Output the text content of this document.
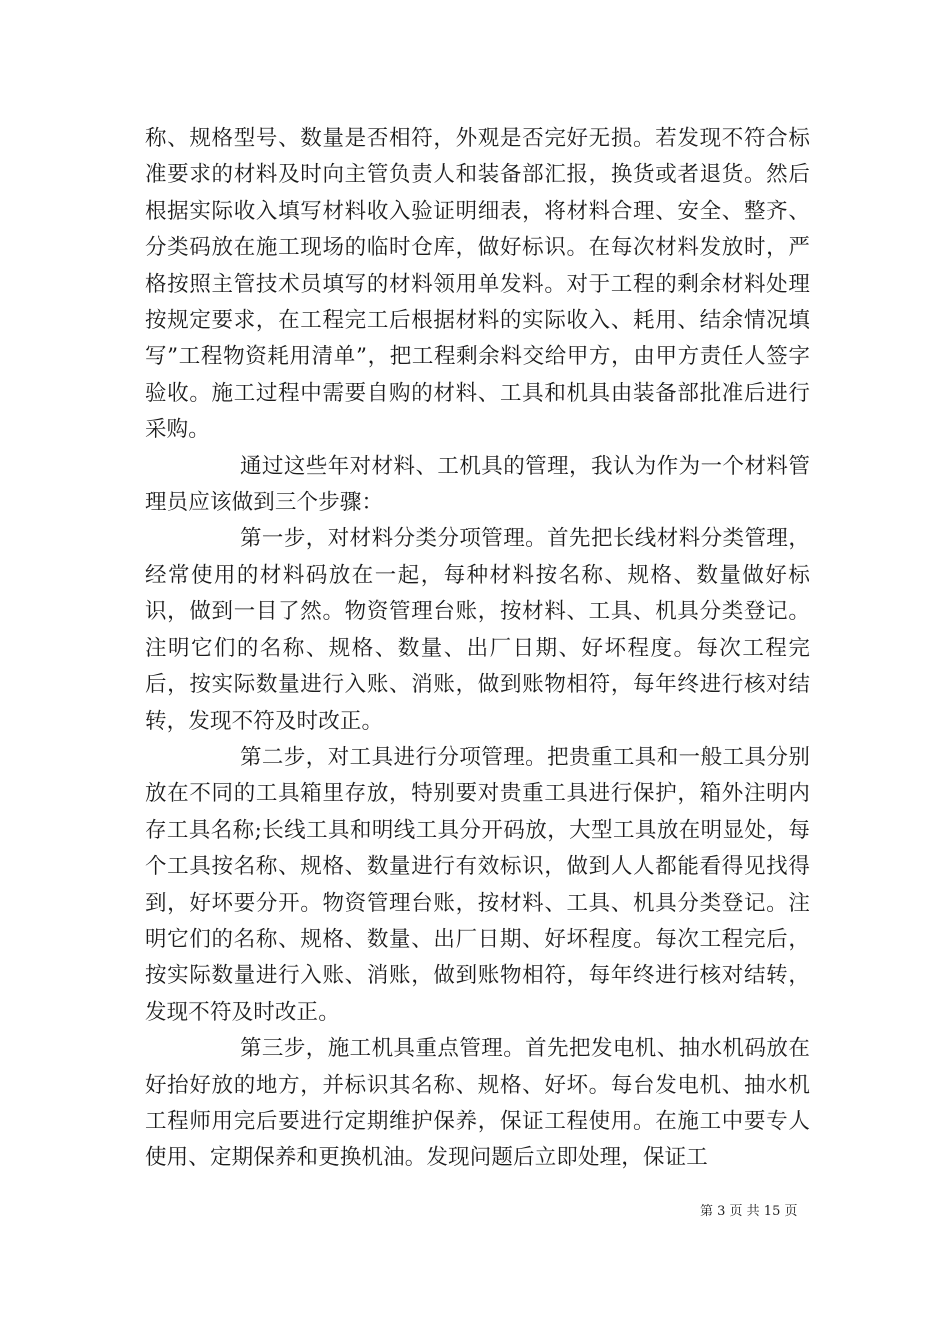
称、规格型号、数量是否相符，外观是否完好无损。若发现不符合标准要求的材料及时向主管负责人和装备部汇报，换货或者退货。然后根据实际收入填写材料收入验证明细表，将材料合理、安全、整齐、分类码放在施工现场的临时仓库，做好标识。在每次材料发放时，严格按照主管技术员填写的材料领用单发料。对于工程的剩余材料处理按规定要求，在工程完工后根据材料的实际收入、耗用、结余情况填写”工程物资耗用清单”，把工程剩余料交给甲方，由甲方责任人签字验收。施工过程中需要自购的材料、工具和机具由装备部批准后进行采购。

通过这些年对材料、工机具的管理，我认为作为一个材料管理员应该做到三个步骤：

第一步，对材料分类分项管理。首先把长线材料分类管理，经常使用的材料码放在一起，每种材料按名称、规格、数量做好标识，做到一目了然。物资管理台账，按材料、工具、机具分类登记。注明它们的名称、规格、数量、出厂日期、好坏程度。每次工程完后，按实际数量进行入账、消账，做到账物相符，每年终进行核对结转，发现不符及时改正。

第二步，对工具进行分项管理。把贵重工具和一般工具分别放在不同的工具箱里存放，特别要对贵重工具进行保护，箱外注明内存工具名称;长线工具和明线工具分开码放，大型工具放在明显处，每个工具按名称、规格、数量进行有效标识，做到人人都能看得见找得到，好坏要分开。物资管理台账，按材料、工具、机具分类登记。注明它们的名称、规格、数量、出厂日期、好坏程度。每次工程完后，按实际数量进行入账、消账，做到账物相符，每年终进行核对结转，发现不符及时改正。

第三步，施工机具重点管理。首先把发电机、抽水机码放在好抬好放的地方，并标识其名称、规格、好坏。每台发电机、抽水机工程师用完后要进行定期维护保养，保证工程使用。在施工中要专人使用、定期保养和更换机油。发现问题后立即处理，保证工

第 3 页 共 15 页
